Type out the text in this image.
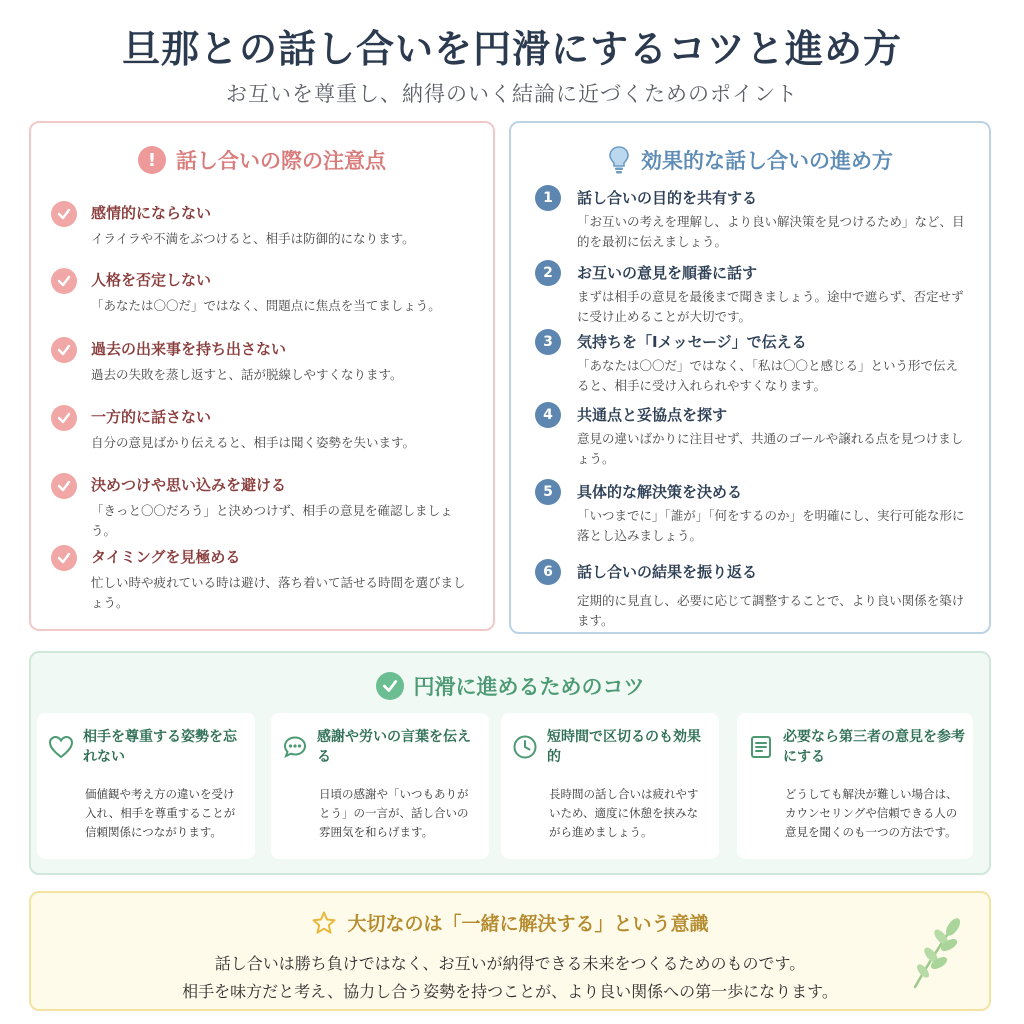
旦那との話し合いを円滑にするコツと進め方
お互いを尊重し、納得のいく結論に近づくためのポイント
! 話し合いの際の注意点
感情的にならない
イライラや不満をぶつけると、相手は防御的になります。
人格を否定しない
「あなたは〇〇だ」ではなく、問題点に焦点を当てましょう。
過去の出来事を持ち出さない
過去の失敗を蒸し返すと、話が脱線しやすくなります。
一方的に話さない
自分の意見ばかり伝えると、相手は聞く姿勢を失います。
決めつけや思い込みを避ける
「きっと〇〇だろう」と決めつけず、相手の意見を確認しましょう。
タイミングを見極める
忙しい時や疲れている時は避け、落ち着いて話せる時間を選びましょう。
効果的な話し合いの進め方
1	話し合いの目的を共有する
「お互いの考えを理解し、より良い解決策を見つけるため」など、目的を最初に伝えましょう。
2	お互いの意見を順番に話す
まずは相手の意見を最後まで聞きましょう。途中で遮らず、否定せずに受け止めることが大切です。
3	気持ちを「Iメッセージ」で伝える
「あなたは〇〇だ」ではなく、「私は〇〇と感じる」という形で伝えると、相手に受け入れられやすくなります。
4	共通点と妥協点を探す
意見の違いばかりに注目せず、共通のゴールや譲れる点を見つけましょう。
5	具体的な解決策を決める
「いつまでに」「誰が」「何をするのか」を明確にし、実行可能な形に落とし込みましょう。
6	話し合いの結果を振り返る
定期的に見直し、必要に応じて調整することで、より良い関係を築けます。
円滑に進めるためのコツ
相手を尊重する姿勢を忘れない
価値観や考え方の違いを受け入れ、相手を尊重することが信頼関係につながります。
感謝や労いの言葉を伝える
日頃の感謝や「いつもありがとう」の一言が、話し合いの雰囲気を和らげます。
短時間で区切るのも効果的
長時間の話し合いは疲れやすいため、適度に休憩を挟みながら進めましょう。
必要なら第三者の意見を参考にする
どうしても解決が難しい場合は、カウンセリングや信頼できる人の意見を聞くのも一つの方法です。
大切なのは「一緒に解決する」という意識
話し合いは勝ち負けではなく、お互いが納得できる未来をつくるためのものです。
相手を味方だと考え、協力し合う姿勢を持つことが、より良い関係への第一歩になります。
